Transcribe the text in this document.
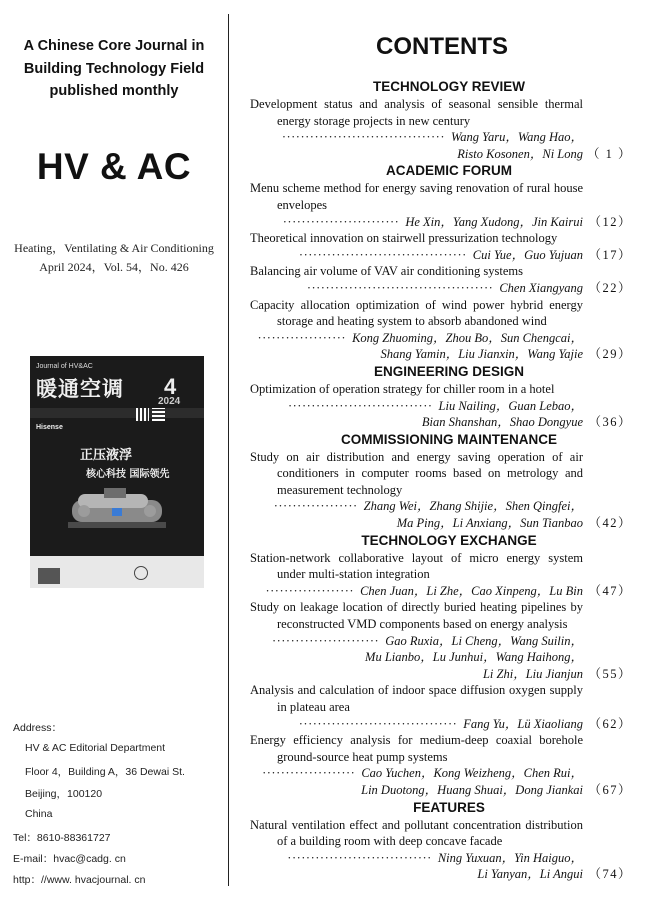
A Chinese Core Journal in
Building Technology Field
published monthly
HV & AC
Heating，Ventilating & Air Conditioning
April 2024，Vol. 54，No. 426
Journal of HV&AC
暖通空调 4
2024
Hisense
正压液浮
核心科技 国际领先
Address：
HV & AC Editorial Department
Floor 4，Building A，36 Dewai St.
Beijing，100120
China
Tel：8610-88361727
E-mail：hvac@cadg. cn
http：//www. hvacjournal. cn
CONTENTS
TECHNOLOGY REVIEW
Development status and analysis of seasonal sensible thermal energy storage projects in new century
··································· Wang Yaru，Wang Hao，
Risto Kosonen，Ni Long （ 1 ）
ACADEMIC FORUM
Menu scheme method for energy saving renovation of rural house envelopes
························· He Xin，Yang Xudong，Jin Kairui （12）
Theoretical innovation on stairwell pressurization technology
···································· Cui Yue，Guo Yujuan （17）
Balancing air volume of VAV air conditioning systems
········································ Chen Xiangyang （22）
Capacity allocation optimization of wind power hybrid energy storage and heating system to absorb abandoned wind
··················· Kong Zhuoming，Zhou Bo，Sun Chengcai，
Shang Yamin，Liu Jianxin，Wang Yajie （29）
ENGINEERING DESIGN
Optimization of operation strategy for chiller room in a hotel
······························· Liu Nailing，Guan Lebao，
Bian Shanshan，Shao Dongyue （36）
COMMISSIONING MAINTENANCE
Study on air distribution and energy saving operation of air conditioners in computer rooms based on metrology and measurement technology
·················· Zhang Wei，Zhang Shijie，Shen Qingfei，
Ma Ping，Li Anxiang，Sun Tianbao （42）
TECHNOLOGY EXCHANGE
Station-network collaborative layout of micro energy system under multi-station integration
··················· Chen Juan，Li Zhe，Cao Xinpeng，Lu Bin （47）
Study on leakage location of directly buried heating pipelines by reconstructed VMD components based on energy analysis
······················· Gao Ruxia，Li Cheng，Wang Suilin，
Mu Lianbo，Lu Junhui，Wang Haihong，
Li Zhi，Liu Jianjun （55）
Analysis and calculation of indoor space diffusion oxygen supply in plateau area
·································· Fang Yu，Lü Xiaoliang （62）
Energy efficiency analysis for medium-deep coaxial borehole ground-source heat pump systems
···················· Cao Yuchen，Kong Weizheng，Chen Rui，
Lin Duotong，Huang Shuai，Dong Jiankai （67）
FEATURES
Natural ventilation effect and pollutant concentration distribution of a building room with deep concave facade
······························· Ning Yuxuan，Yin Haiguo，
Li Yanyan，Li Angui （74）
